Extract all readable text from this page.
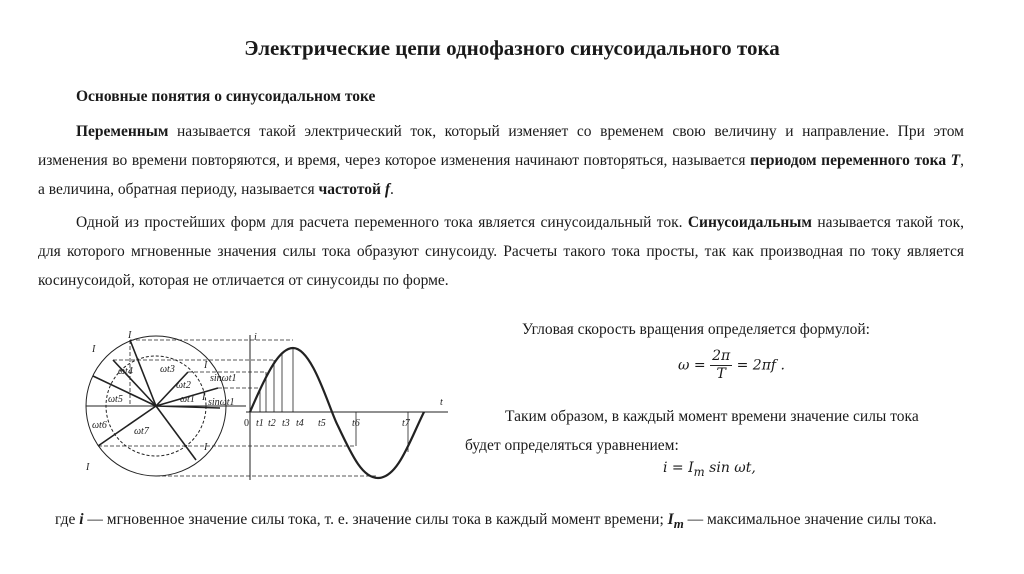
Электрические цепи однофазного синусоидального тока
Основные понятия о синусоидальном токе

Переменным называется такой электрический ток, который изменяет со временем свою величину и направление. При этом изменения во времени повторяются, и время, через которое изменения начинают повторяться, называется периодом переменного тока T, а величина, обратная периоду, называется частотой f.

Одной из простейших форм для расчета переменного тока является синусоидальный ток. Синусоидальным называется такой ток, для которого мгновенные значения силы тока образуют синусоиду. Расчеты такого тока просты, так как производная по току является косинусоидой, которая не отличается от синусоиды по форме.

Угловая скорость вращения определяется формулой:
$\omega = \frac{2\pi}{T} = 2\pi f$ .
Таким образом, в каждый момент времени значение силы тока
будет определяться уравнением:
$i = I_m$ sin ωt,

где i — мгновенное значение силы тока, т. е. значение силы тока в каждый момент времени; $I_m$ — максимальное значение силы тока.

i
t
0 t1 t2 t3 t4 t5	t6	t7
I
I
I
I
I
I
sinωt1
sinωt1
ωt4	ωt3
ωt5
ωt2
ωt1
ωt6
ωt7
